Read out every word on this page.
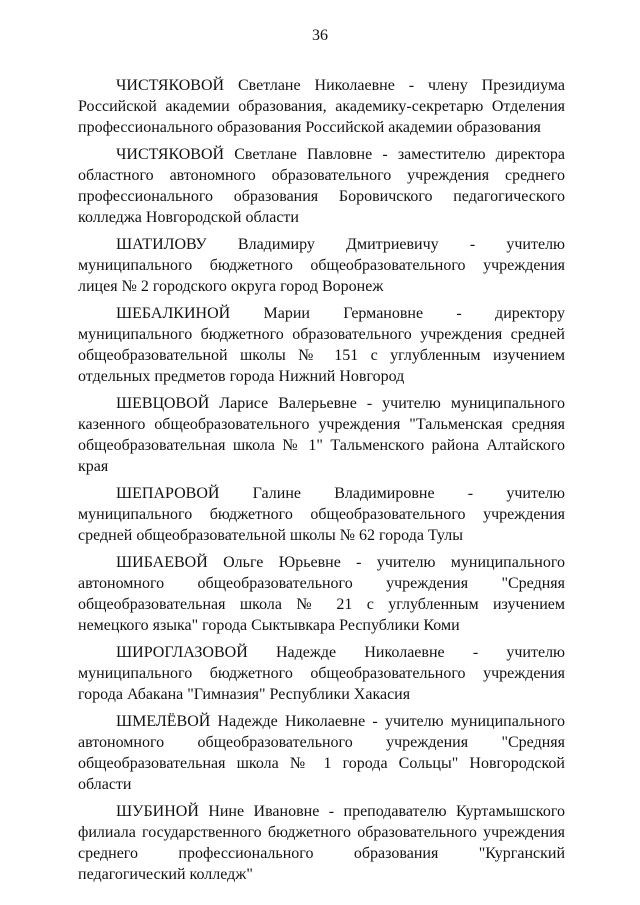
36

ЧИСТЯКОВОЙ Светлане Николаевне - члену Президиума Российской академии образования, академику-секретарю Отделения профессионального образования Российской академии образования

ЧИСТЯКОВОЙ Светлане Павловне - заместителю директора областного автономного образовательного учреждения среднего профессионального образования Боровичского педагогического колледжа Новгородской области

ШАТИЛОВУ Владимиру Дмитриевичу - учителю муниципального бюджетного общеобразовательного учреждения лицея № 2 городского округа город Воронеж

ШЕБАЛКИНОЙ Марии Германовне - директору муниципального бюджетного образовательного учреждения средней общеобразовательной школы № 151 с углубленным изучением отдельных предметов города Нижний Новгород

ШЕВЦОВОЙ Ларисе Валерьевне - учителю муниципального казенного общеобразовательного учреждения "Тальменская средняя общеобразовательная школа № 1" Тальменского района Алтайского края

ШЕПАРОВОЙ Галине Владимировне - учителю муниципального бюджетного общеобразовательного учреждения средней общеобразовательной школы № 62 города Тулы

ШИБАЕВОЙ Ольге Юрьевне - учителю муниципального автономного общеобразовательного учреждения "Средняя общеобразовательная школа № 21 с углубленным изучением немецкого языка" города Сыктывкара Республики Коми

ШИРОГЛАЗОВОЙ Надежде Николаевне - учителю муниципального бюджетного общеобразовательного учреждения города Абакана "Гимназия" Республики Хакасия

ШМЕЛЁВОЙ Надежде Николаевне - учителю муниципального автономного общеобразовательного учреждения "Средняя общеобразовательная школа № 1 города Сольцы" Новгородской области

ШУБИНОЙ Нине Ивановне - преподавателю Куртамышского филиала государственного бюджетного образовательного учреждения среднего профессионального образования "Курганский педагогический колледж"
